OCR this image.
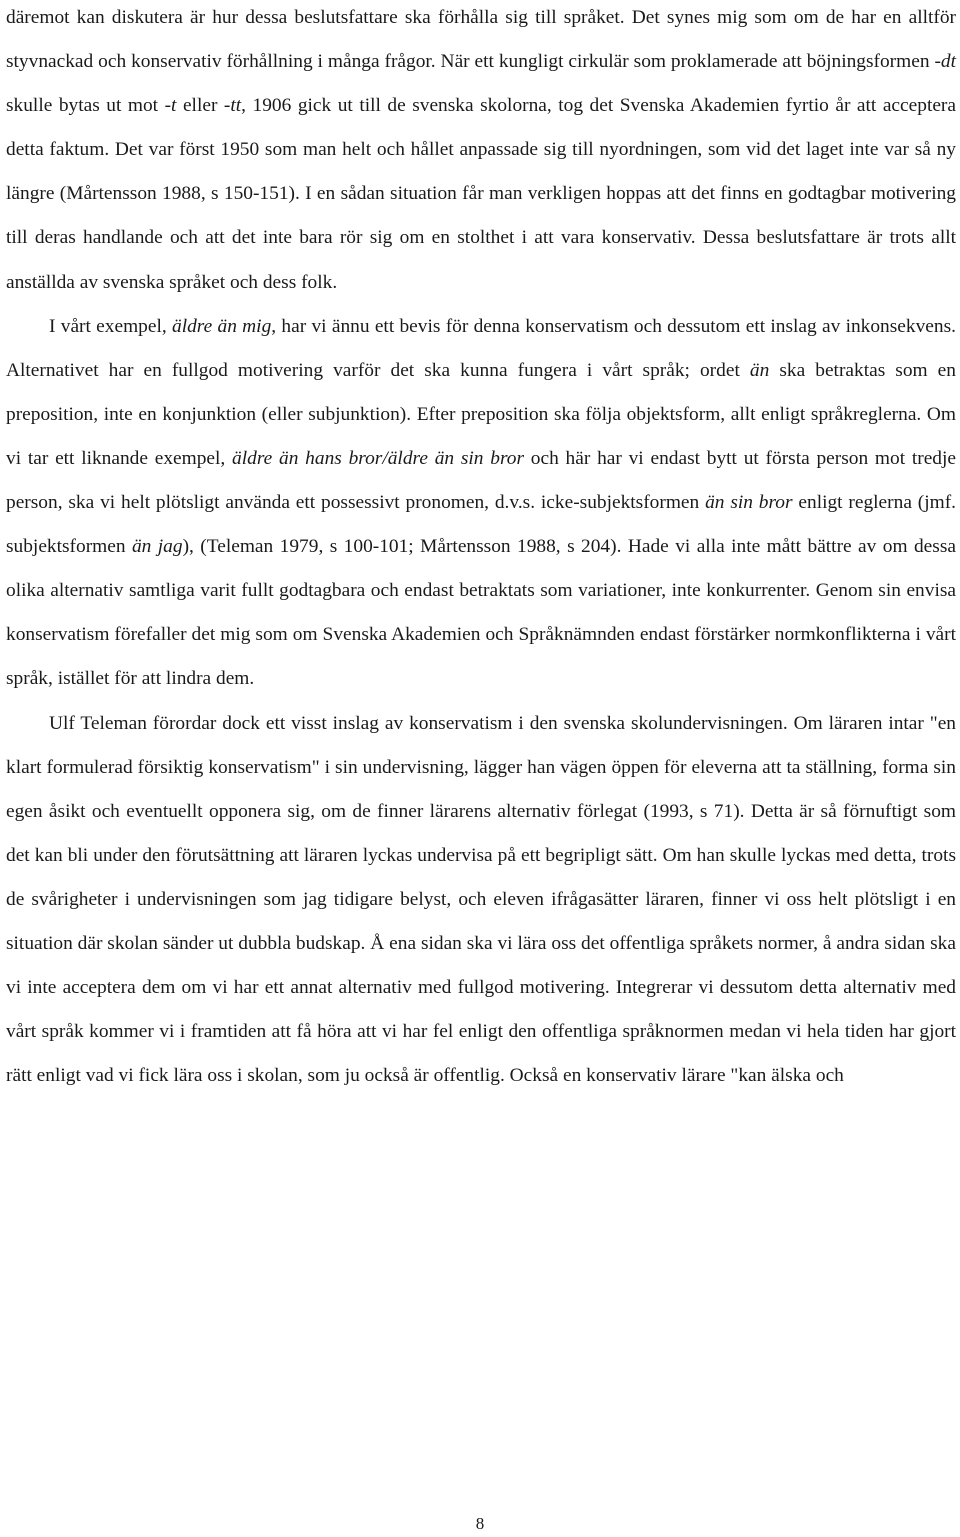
däremot kan diskutera är hur dessa beslutsfattare ska förhålla sig till språket. Det synes mig som om de har en alltför styvnackad och konservativ förhållning i många frågor. När ett kungligt cirkulär som proklamerade att böjningsformen -dt skulle bytas ut mot -t eller -tt, 1906 gick ut till de svenska skolorna, tog det Svenska Akademien fyrtio år att acceptera detta faktum. Det var först 1950 som man helt och hållet anpassade sig till nyordningen, som vid det laget inte var så ny längre (Mårtensson 1988, s 150-151). I en sådan situation får man verkligen hoppas att det finns en godtagbar motivering till deras handlande och att det inte bara rör sig om en stolthet i att vara konservativ. Dessa beslutsfattare är trots allt anställda av svenska språket och dess folk.

I vårt exempel, äldre än mig, har vi ännu ett bevis för denna konservatism och dessutom ett inslag av inkonsekvens. Alternativet har en fullgod motivering varför det ska kunna fungera i vårt språk; ordet än ska betraktas som en preposition, inte en konjunktion (eller subjunktion). Efter preposition ska följa objektsform, allt enligt språkreglerna. Om vi tar ett liknande exempel, äldre än hans bror/äldre än sin bror och här har vi endast bytt ut första person mot tredje person, ska vi helt plötsligt använda ett possessivt pronomen, d.v.s. icke-subjektsformen än sin bror enligt reglerna (jmf. subjektsformen än jag), (Teleman 1979, s 100-101; Mårtensson 1988, s 204). Hade vi alla inte mått bättre av om dessa olika alternativ samtliga varit fullt godtagbara och endast betraktats som variationer, inte konkurrenter. Genom sin envisa konservatism förefaller det mig som om Svenska Akademien och Språknämnden endast förstärker normkonflikterna i vårt språk, istället för att lindra dem.

Ulf Teleman förordar dock ett visst inslag av konservatism i den svenska skolundervisningen. Om läraren intar "en klart formulerad försiktig konservatism" i sin undervisning, lägger han vägen öppen för eleverna att ta ställning, forma sin egen åsikt och eventuellt opponera sig, om de finner lärarens alternativ förlegat (1993, s 71). Detta är så förnuftigt som det kan bli under den förutsättning att läraren lyckas undervisa på ett begripligt sätt. Om han skulle lyckas med detta, trots de svårigheter i undervisningen som jag tidigare belyst, och eleven ifrågasätter läraren, finner vi oss helt plötsligt i en situation där skolan sänder ut dubbla budskap. Å ena sidan ska vi lära oss det offentliga språkets normer, å andra sidan ska vi inte acceptera dem om vi har ett annat alternativ med fullgod motivering. Integrerar vi dessutom detta alternativ med vårt språk kommer vi i framtiden att få höra att vi har fel enligt den offentliga språknormen medan vi hela tiden har gjort rätt enligt vad vi fick lära oss i skolan, som ju också är offentlig. Också en konservativ lärare "kan älska och

8
